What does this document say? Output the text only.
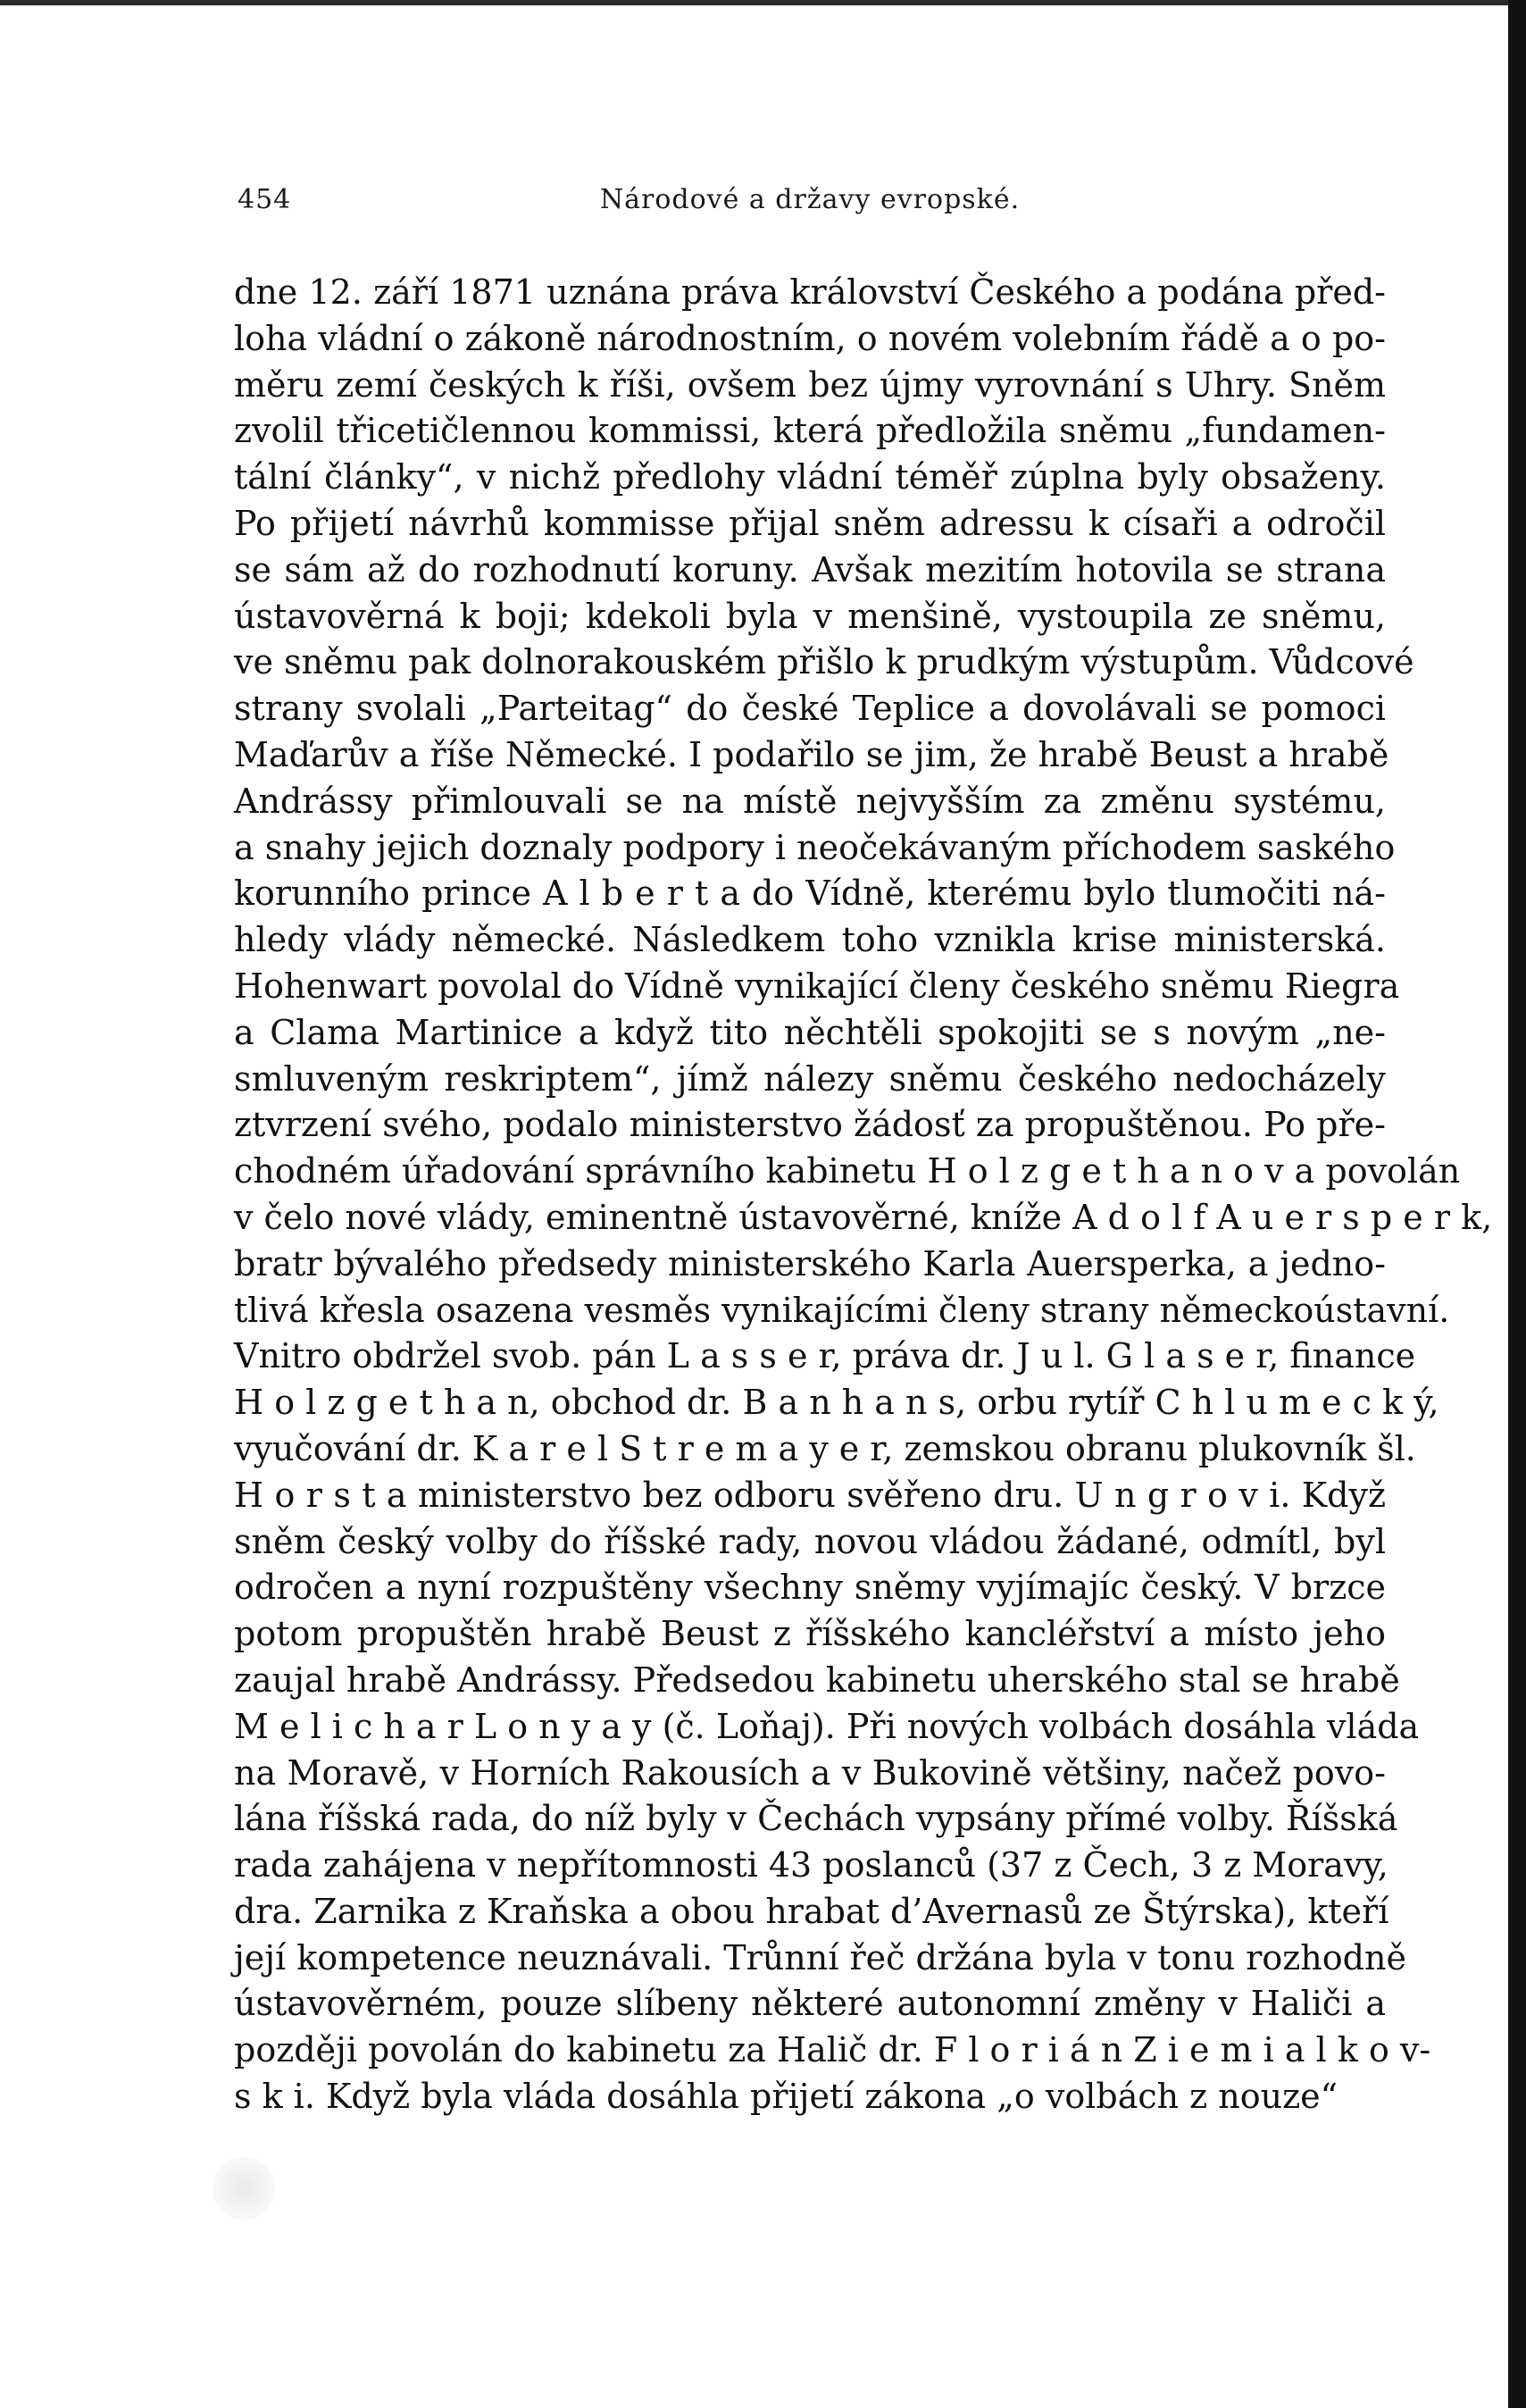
454	Národové a državy evropské.
dne 12. září 1871 uznána práva království Českého a podána před-
loha vládní o zákoně národnostním, o novém volebním řádě a o po-
měru zemí českých k říši, ovšem bez újmy vyrovnání s Uhry. Sněm
zvolil třicetičlennou kommissi, která předložila sněmu „fundamen-
tální články“, v nichž předlohy vládní téměř zúplna byly obsaženy.
Po přijetí návrhů kommisse přijal sněm adressu k císaři a odročil
se sám až do rozhodnutí koruny. Avšak mezitím hotovila se strana
ústavověrná k boji; kdekoli byla v menšině, vystoupila ze sněmu,
ve sněmu pak dolnorakouském přišlo k prudkým výstupům. Vůdcové
strany svolali „Parteitag“ do české Teplice a dovolávali se pomoci
Maďarův a říše Německé. I podařilo se jim, že hrabě Beust a hrabě
Andrássy přimlouvali se na místě nejvyšším za změnu systému,
a snahy jejich doznaly podpory i neočekávaným příchodem saského
korunního prince A l b e r t a do Vídně, kterému bylo tlumočiti ná-
hledy vlády německé. Následkem toho vznikla krise ministerská.
Hohenwart povolal do Vídně vynikající členy českého sněmu Riegra
a Clama Martinice a když tito něchtěli spokojiti se s novým „ne-
smluveným reskriptem“, jímž nálezy sněmu českého nedocházely
ztvrzení svého, podalo ministerstvo žádosť za propuštěnou. Po pře-
chodném úřadování správního kabinetu H o l z g e t h a n o v a povolán
v čelo nové vlády, eminentně ústavověrné, kníže A d o l f A u e r s p e r k,
bratr bývalého předsedy ministerského Karla Auersperka, a jedno-
tlivá křesla osazena vesměs vynikajícími členy strany německoústavní.
Vnitro obdržel svob. pán L a s s e r, práva dr. J u l. G l a s e r, finance
H o l z g e t h a n, obchod dr. B a n h a n s, orbu rytíř C h l u m e c k ý,
vyučování dr. K a r e l S t r e m a y e r, zemskou obranu plukovník šl.
H o r s t a ministerstvo bez odboru svěřeno dru. U n g r o v i. Když
sněm český volby do říšské rady, novou vládou žádané, odmítl, byl
odročen a nyní rozpuštěny všechny sněmy vyjímajíc český. V brzce
potom propuštěn hrabě Beust z říšského kancléřství a místo jeho
zaujal hrabě Andrássy. Předsedou kabinetu uherského stal se hrabě
M e l i c h a r L o n y a y (č. Loňaj). Při nových volbách dosáhla vláda
na Moravě, v Horních Rakousích a v Bukovině většiny, načež povo-
lána říšská rada, do níž byly v Čechách vypsány přímé volby. Říšská
rada zahájena v nepřítomnosti 43 poslanců (37 z Čech, 3 z Moravy,
dra. Zarnika z Kraňska a obou hrabat d’Avernasů ze Štýrska), kteří
její kompetence neuznávali. Trůnní řeč držána byla v tonu rozhodně
ústavověrném, pouze slíbeny některé autonomní změny v Haliči a
později povolán do kabinetu za Halič dr. F l o r i á n Z i e m i a l k o v-
s k i. Když byla vláda dosáhla přijetí zákona „o volbách z nouze“
